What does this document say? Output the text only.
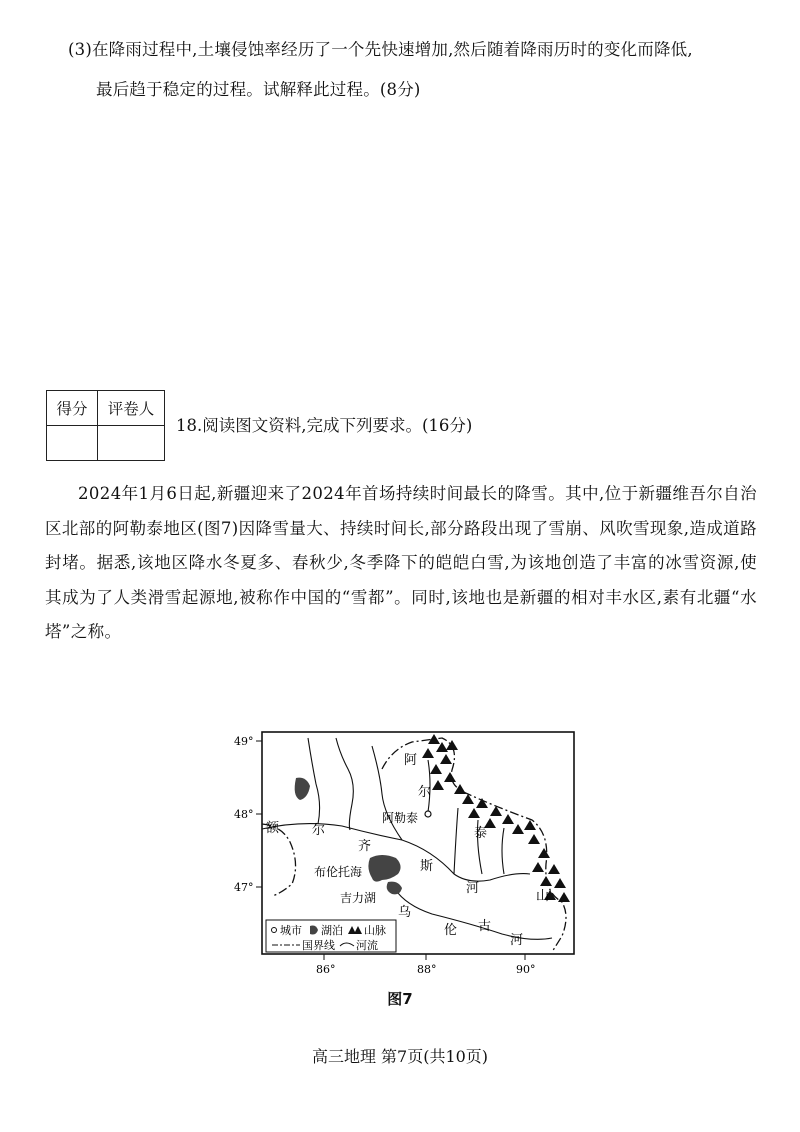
(3)在降雨过程中,土壤侵蚀率经历了一个先快速增加,然后随着降雨历时的变化而降低,
最后趋于稳定的过程。试解释此过程。(8分)
得分	评卷人

18.阅读图文资料,完成下列要求。(16分)

2024年1月6日起,新疆迎来了2024年首场持续时间最长的降雪。其中,位于新疆维吾尔自治区北部的阿勒泰地区(图7)因降雪量大、持续时间长,部分路段出现了雪崩、风吹雪现象,造成道路封堵。据悉,该地区降水冬夏多、春秋少,冬季降下的皑皑白雪,为该地创造了丰富的冰雪资源,使其成为了人类滑雪起源地,被称作中国的“雪都”。同时,该地也是新疆的相对丰水区,素有北疆“水塔”之称。

49°
48°
47°
86°	88°	90°
阿勒泰
布伦托海
吉力湖
阿
尔
泰
山
额	尔
齐
斯
河
乌
伦 古
河
城市 湖泊 山脉
国界线 河流
图7
高三地理 第7页(共10页)
